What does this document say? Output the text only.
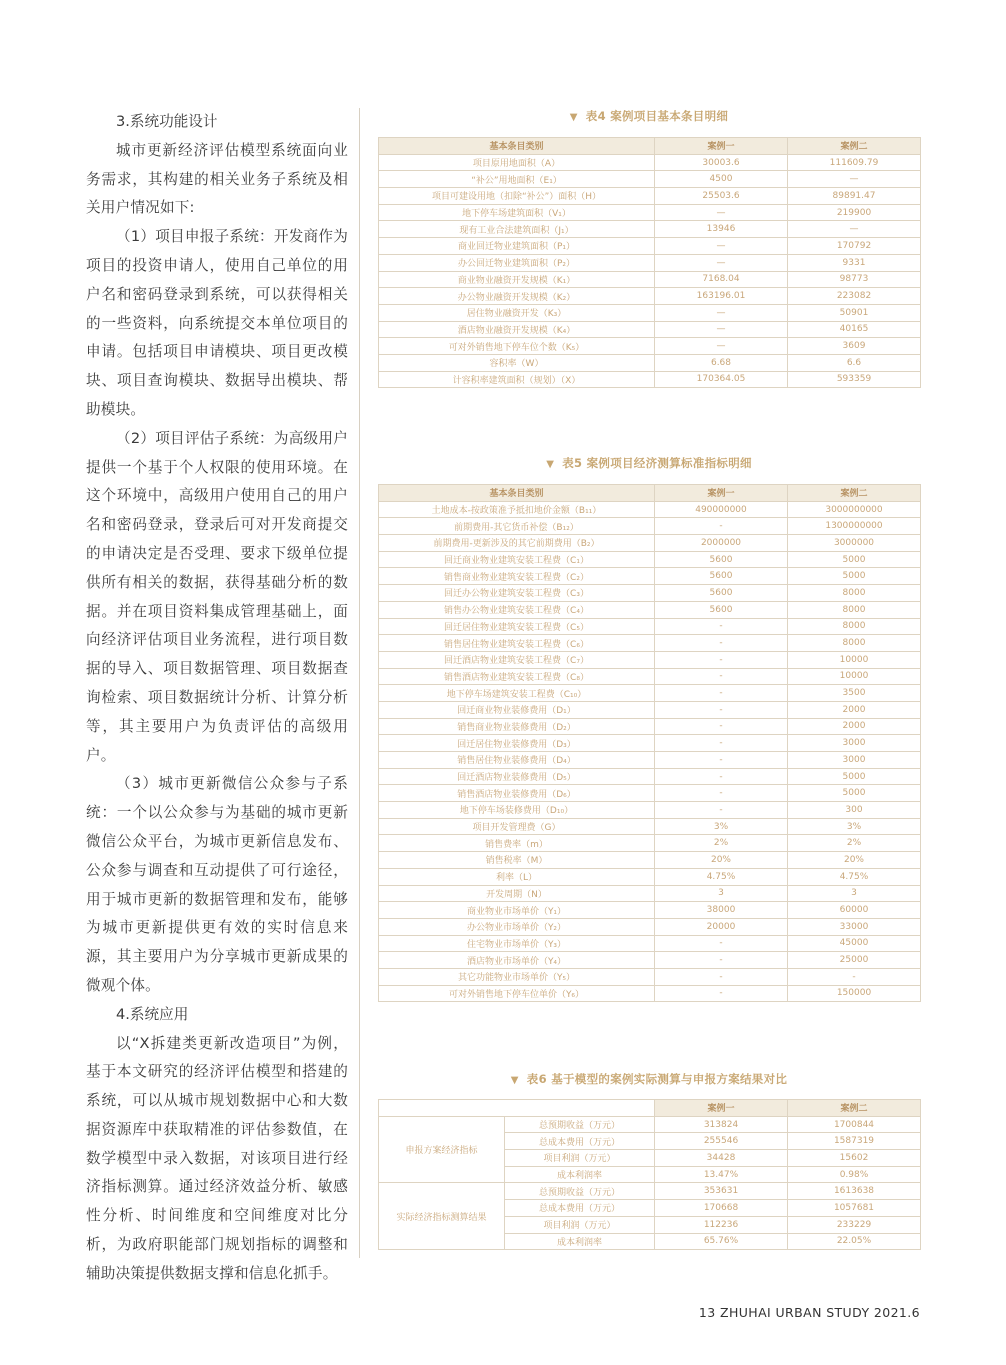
3.系统功能设计

城市更新经济评估模型系统面向业务需求，其构建的相关业务子系统及相关用户情况如下:

（1）项目申报子系统：开发商作为项目的投资申请人，使用自己单位的用户名和密码登录到系统，可以获得相关的一些资料，向系统提交本单位项目的申请。包括项目申请模块、项目更改模块、项目查询模块、数据导出模块、帮助模块。

（2）项目评估子系统：为高级用户提供一个基于个人权限的使用环境。在这个环境中，高级用户使用自己的用户名和密码登录，登录后可对开发商提交的申请决定是否受理、要求下级单位提供所有相关的数据，获得基础分析的数据。并在项目资料集成管理基础上，面向经济评估项目业务流程，进行项目数据的导入、项目数据管理、项目数据查询检索、项目数据统计分析、计算分析等，其主要用户为负责评估的高级用户。

（3）城市更新微信公众参与子系统：一个以公众参与为基础的城市更新微信公众平台，为城市更新信息发布、公众参与调查和互动提供了可行途径，用于城市更新的数据管理和发布，能够为城市更新提供更有效的实时信息来源，其主要用户为分享城市更新成果的微观个体。

4.系统应用

以“X拆建类更新改造项目”为例，基于本文研究的经济评估模型和搭建的系统，可以从城市规划数据中心和大数据资源库中获取精准的评估参数值，在数学模型中录入数据，对该项目进行经济指标测算。通过经济效益分析、敏感性分析、时间维度和空间维度对比分析，为政府职能部门规划指标的调整和辅助决策提供数据支撑和信息化抓手。

▼ 表4 案例项目基本条目明细
基本条目类别	案例一	案例二
项目原用地面积（A）	30003.6	111609.79
“补公”用地面积（E₁）	4500	—
项目可建设用地（扣除“补公”）面积（H）	25503.6	89891.47
地下停车场建筑面积（V₁）	—	219900
现有工业合法建筑面积（J₁）	13946	—
商业回迁物业建筑面积（P₁）	—	170792
办公回迁物业建筑面积（P₂）	—	9331
商业物业融资开发规模（K₁）	7168.04	98773
办公物业融资开发规模（K₂）	163196.01	223082
居住物业融资开发（K₃）	—	50901
酒店物业融资开发规模（K₄）	—	40165
可对外销售地下停车位个数（K₅）	—	3609
容积率（W）	6.68	6.6
计容积率建筑面积（规划）（X）	170364.05	593359
▼ 表5 案例项目经济测算标准指标明细
基本条目类别	案例一	案例二
土地成本-按政策准予抵扣地价金额（B₁₁）	490000000	3000000000
前期费用-其它货币补偿（B₁₂）	-	1300000000
前期费用-更新涉及的其它前期费用（B₂）	2000000	3000000
回迁商业物业建筑安装工程费（C₁）	5600	5000
销售商业物业建筑安装工程费（C₂）	5600	5000
回迁办公物业建筑安装工程费（C₃）	5600	8000
销售办公物业建筑安装工程费（C₄）	5600	8000
回迁居住物业建筑安装工程费（C₅）	-	8000
销售居住物业建筑安装工程费（C₆）	-	8000
回迁酒店物业建筑安装工程费（C₇）	-	10000
销售酒店物业建筑安装工程费（C₈）	-	10000
地下停车场建筑安装工程费（C₁₀）	-	3500
回迁商业物业装修费用（D₁）	-	2000
销售商业物业装修费用（D₂）	-	2000
回迁居住物业装修费用（D₃）	-	3000
销售居住物业装修费用（D₄）	-	3000
回迁酒店物业装修费用（D₅）	-	5000
销售酒店物业装修费用（D₆）	-	5000
地下停车场装修费用（D₁₀）	-	300
项目开发管理费（G）	3%	3%
销售费率（m）	2%	2%
销售税率（M）	20%	20%
利率（L）	4.75%	4.75%
开发周期（N）	3	3
商业物业市场单价（Y₁）	38000	60000
办公物业市场单价（Y₂）	20000	33000
住宅物业市场单价（Y₃）	-	45000
酒店物业市场单价（Y₄）	-	25000
其它功能物业市场单价（Y₅）	-	-
可对外销售地下停车位单价（Y₆）	-	150000
▼ 表6 基于模型的案例实际测算与申报方案结果对比
		案例一	案例二
申报方案经济指标	总预期收益（万元）	313824	1700844
	总成本费用（万元）	255546	1587319
	项目利润（万元）	34428	15602
	成本利润率	13.47%	0.98%
实际经济指标测算结果	总预期收益（万元）	353631	1613638
	总成本费用（万元）	170668	1057681
	项目利润（万元）	112236	233229
	成本利润率	65.76%	22.05%
13 ZHUHAI URBAN STUDY 2021.6
